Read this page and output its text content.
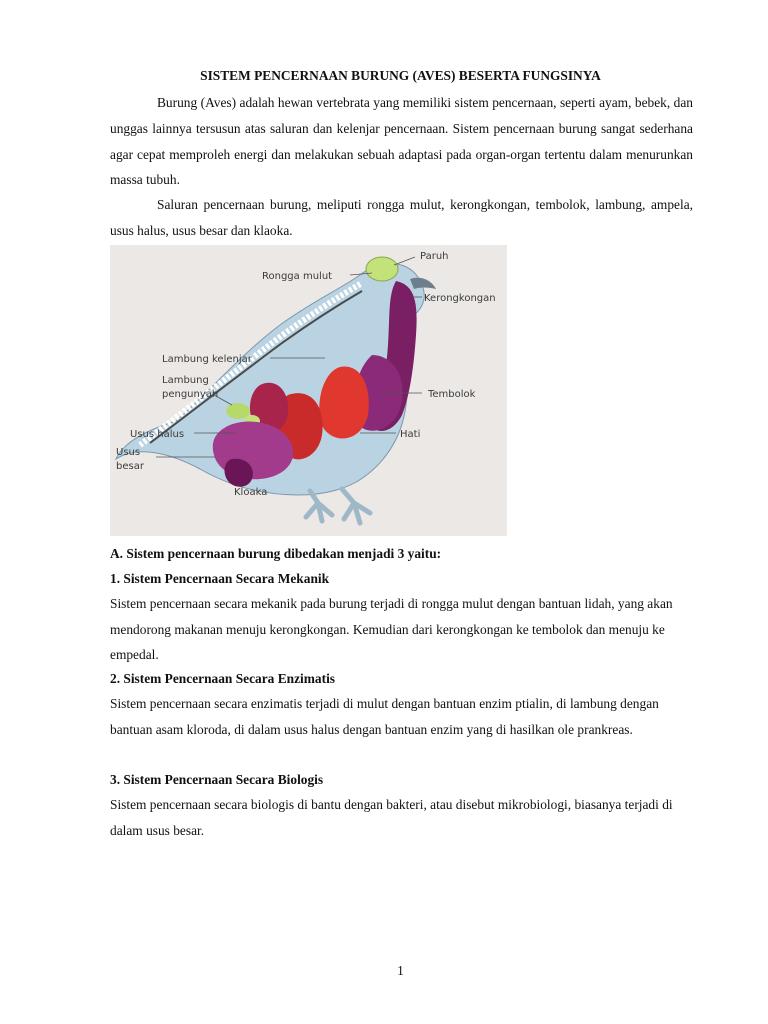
SISTEM PENCERNAAN BURUNG (AVES) BESERTA FUNGSINYA

Burung (Aves) adalah hewan vertebrata yang memiliki sistem pencernaan, seperti ayam, bebek, dan unggas lainnya tersusun atas saluran dan kelenjar pencernaan. Sistem pencernaan burung sangat sederhana agar cepat memproleh energi dan melakukan sebuah adaptasi pada organ-organ tertentu dalam menurunkan massa tubuh.

Saluran pencernaan burung, meliputi rongga mulut, kerongkongan, tembolok, lambung, ampela, usus halus, usus besar dan klaoka.

Paruh
Rongga mulut
Kerongkongan
Lambung kelenjar
Lambung
pengunyah	Tembolok
Usus halus	Hati
Usus
besar
Kloaka

A. Sistem pencernaan burung dibedakan menjadi 3 yaitu:

1. Sistem Pencernaan Secara Mekanik

Sistem pencernaan secara mekanik pada burung terjadi di rongga mulut dengan bantuan lidah, yang akan mendorong makanan menuju kerongkongan. Kemudian dari kerongkongan ke tembolok dan menuju ke empedal.

2. Sistem Pencernaan Secara Enzimatis

Sistem pencernaan secara enzimatis terjadi di mulut dengan bantuan enzim ptialin, di lambung dengan bantuan asam kloroda, di dalam usus halus dengan bantuan enzim yang di hasilkan ole prankreas.

3. Sistem Pencernaan Secara Biologis

Sistem pencernaan secara biologis di bantu dengan bakteri, atau disebut mikrobiologi, biasanya terjadi di dalam usus besar.

1
